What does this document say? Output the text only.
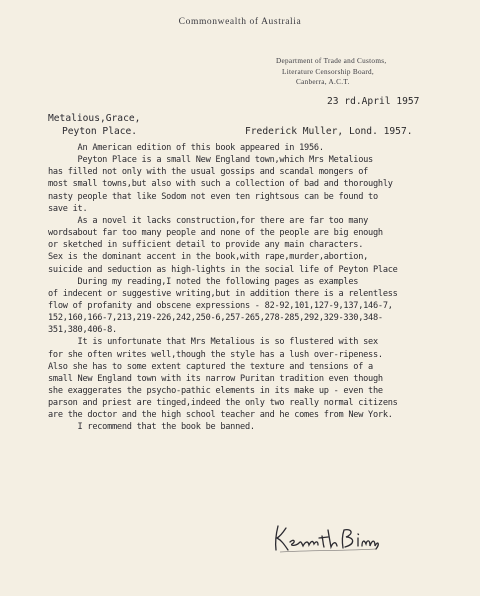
Commonwealth of Australia
Department of Trade and Customs,
Literature Censorship Board,
Canberra, A.C.T.
23 rd.April 1957
Metalious,Grace,
Peyton Place.	Frederick Muller, Lond. 1957.
An American edition of this book appeared in 1956.
Peyton Place is a small New England town,which Mrs Metalious
has filled not only with the usual gossips and scandal mongers of
most small towns,but also with such a collection of bad and thoroughly
nasty people that like Sodom not even ten rightsous can be found to
save it.
As a novel it lacks construction,for there are far too many
wordsabout far too many people and none of the people are big enough
or sketched in sufficient detail to provide any main characters.
Sex is the dominant accent in the book,with rape,murder,abortion,
suicide and seduction as high-lights in the social life of Peyton Place
During my reading,I noted the following pages as examples
of indecent or suggestive writing,but in addition there is a relentless
flow of profanity and obscene expressions - 82-92,101,127-9,137,146-7,
152,160,166-7,213,219-226,242,250-6,257-265,278-285,292,329-330,348-
351,380,406-8.
It is unfortunate that Mrs Metalious is so flustered with sex
for she often writes well,though the style has a lush over-ripeness.
Also she has to some extent captured the texture and tensions of a
small New England town with its narrow Puritan tradition even though
she exaggerates the psycho-pathic elements in its make up - even the
parson and priest are tinged,indeed the only two really normal citizens
are the doctor and the high school teacher and he comes from New York.
I recommend that the book be banned.
